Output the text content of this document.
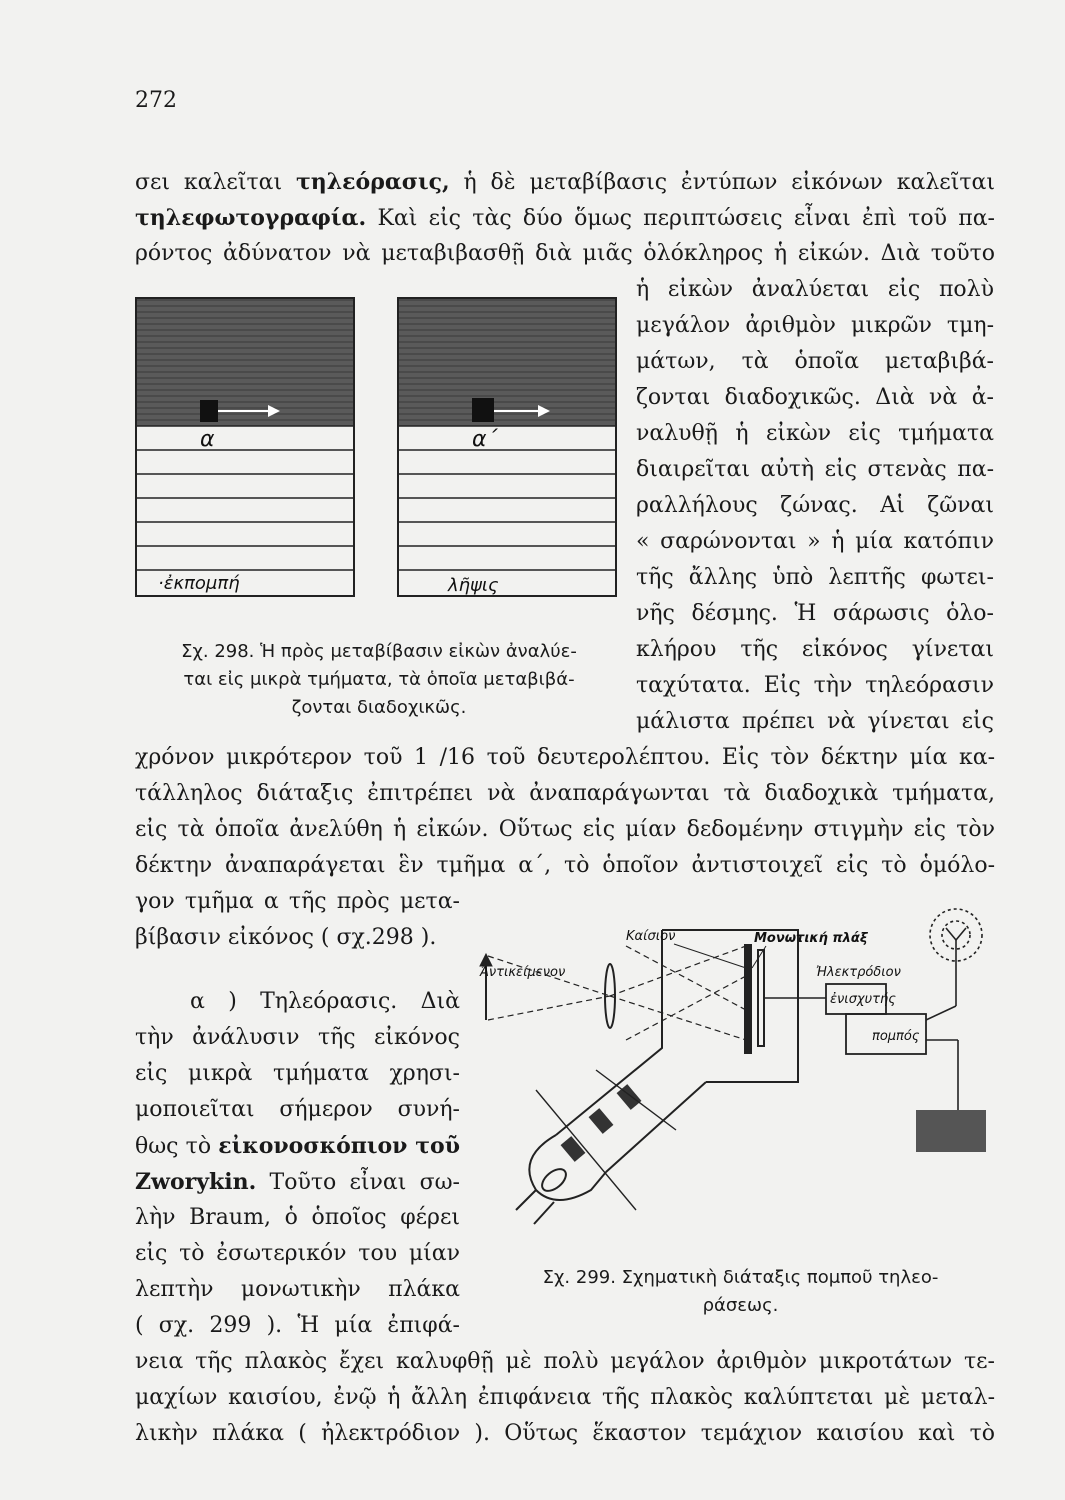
272
σει καλεῖται τηλεόρασις, ἡ δὲ μεταβίβασις ἐντύπων εἰκόνων καλεῖται
τηλεφωτογραφία. Καὶ εἰς τὰς δύο ὅμως περιπτώσεις εἶναι ἐπὶ τοῦ πα-
ρόντος ἀδύνατον νὰ μεταβιβασθῇ διὰ μιᾶς ὁλόκληρος ἡ εἰκών. Διὰ τοῦτο
ἡ εἰκὼν ἀναλύεται εἰς πολὺ
μεγάλον ἀριθμὸν μικρῶν τμη-
μάτων, τὰ ὁποῖα μεταβιβά-
ζονται διαδοχικῶς. Διὰ νὰ ἀ-
ναλυθῇ ἡ εἰκὼν εἰς τμήματα
διαιρεῖται αὐτὴ εἰς στενὰς πα-
ραλλήλους ζώνας. Αἱ ζῶναι
« σαρώνονται » ἡ μία κατόπιν
τῆς ἄλλης ὑπὸ λεπτῆς φωτει-
νῆς δέσμης. Ἡ σάρωσις ὁλο-
κλήρου τῆς εἰκόνος γίνεται
ταχύτατα. Εἰς τὴν τηλεόρασιν
μάλιστα πρέπει νὰ γίνεται εἰς
α	α΄
·ἐκπομπή	λῆψις
Σχ. 298. Ἡ πρὸς μεταβίβασιν εἰκὼν ἀναλύε-
ται εἰς μικρὰ τμήματα, τὰ ὁποῖα μεταβιβά-
ζονται διαδοχικῶς.
χρόνον μικρότερον τοῦ 1 /16 τοῦ δευτερολέπτου. Εἰς τὸν δέκτην μία κα-
τάλληλος διάταξις ἐπιτρέπει νὰ ἀναπαράγωνται τὰ διαδοχικὰ τμήματα,
εἰς τὰ ὁποῖα ἀνελύθη ἡ εἰκών. Οὕτως εἰς μίαν δεδομένην στιγμὴν εἰς τὸν
δέκτην ἀναπαράγεται ἓν τμῆμα α΄, τὸ ὁποῖον ἀντιστοιχεῖ εἰς τὸ ὁμόλο-
γον τμῆμα α τῆς πρὸς μετα-
βίβασιν εἰκόνος ( σχ.298 ).
α ) Τηλεόρασις. Διὰ
τὴν ἀνάλυσιν τῆς εἰκόνος
εἰς μικρὰ τμήματα χρησι-
μοποιεῖται σήμερον συνή-
θως τὸ εἰκονοσκόπιον τοῦ
Zworykin. Τοῦτο εἶναι σω-
λὴν Braum, ὁ ὁποῖος φέρει
εἰς τὸ ἐσωτερικόν του μίαν
λεπτὴν μονωτικὴν πλάκα
( σχ. 299 ). Ἡ μία ἐπιφά-
Καίσιον	Μονωτική πλάξ
Ἀντικείμενον	Ἠλεκτρόδιον
ἐνισχυτής
πομπός
Σχ. 299. Σχηματικὴ διάταξις πομποῦ τηλεο-
ράσεως.
νεια τῆς πλακὸς ἔχει καλυφθῇ μὲ πολὺ μεγάλον ἀριθμὸν μικροτάτων τε-
μαχίων καισίου, ἐνῷ ἡ ἄλλη ἐπιφάνεια τῆς πλακὸς καλύπτεται μὲ μεταλ-
λικὴν πλάκα ( ἠλεκτρόδιον ). Οὕτως ἕκαστον τεμάχιον καισίου καὶ τὸ
